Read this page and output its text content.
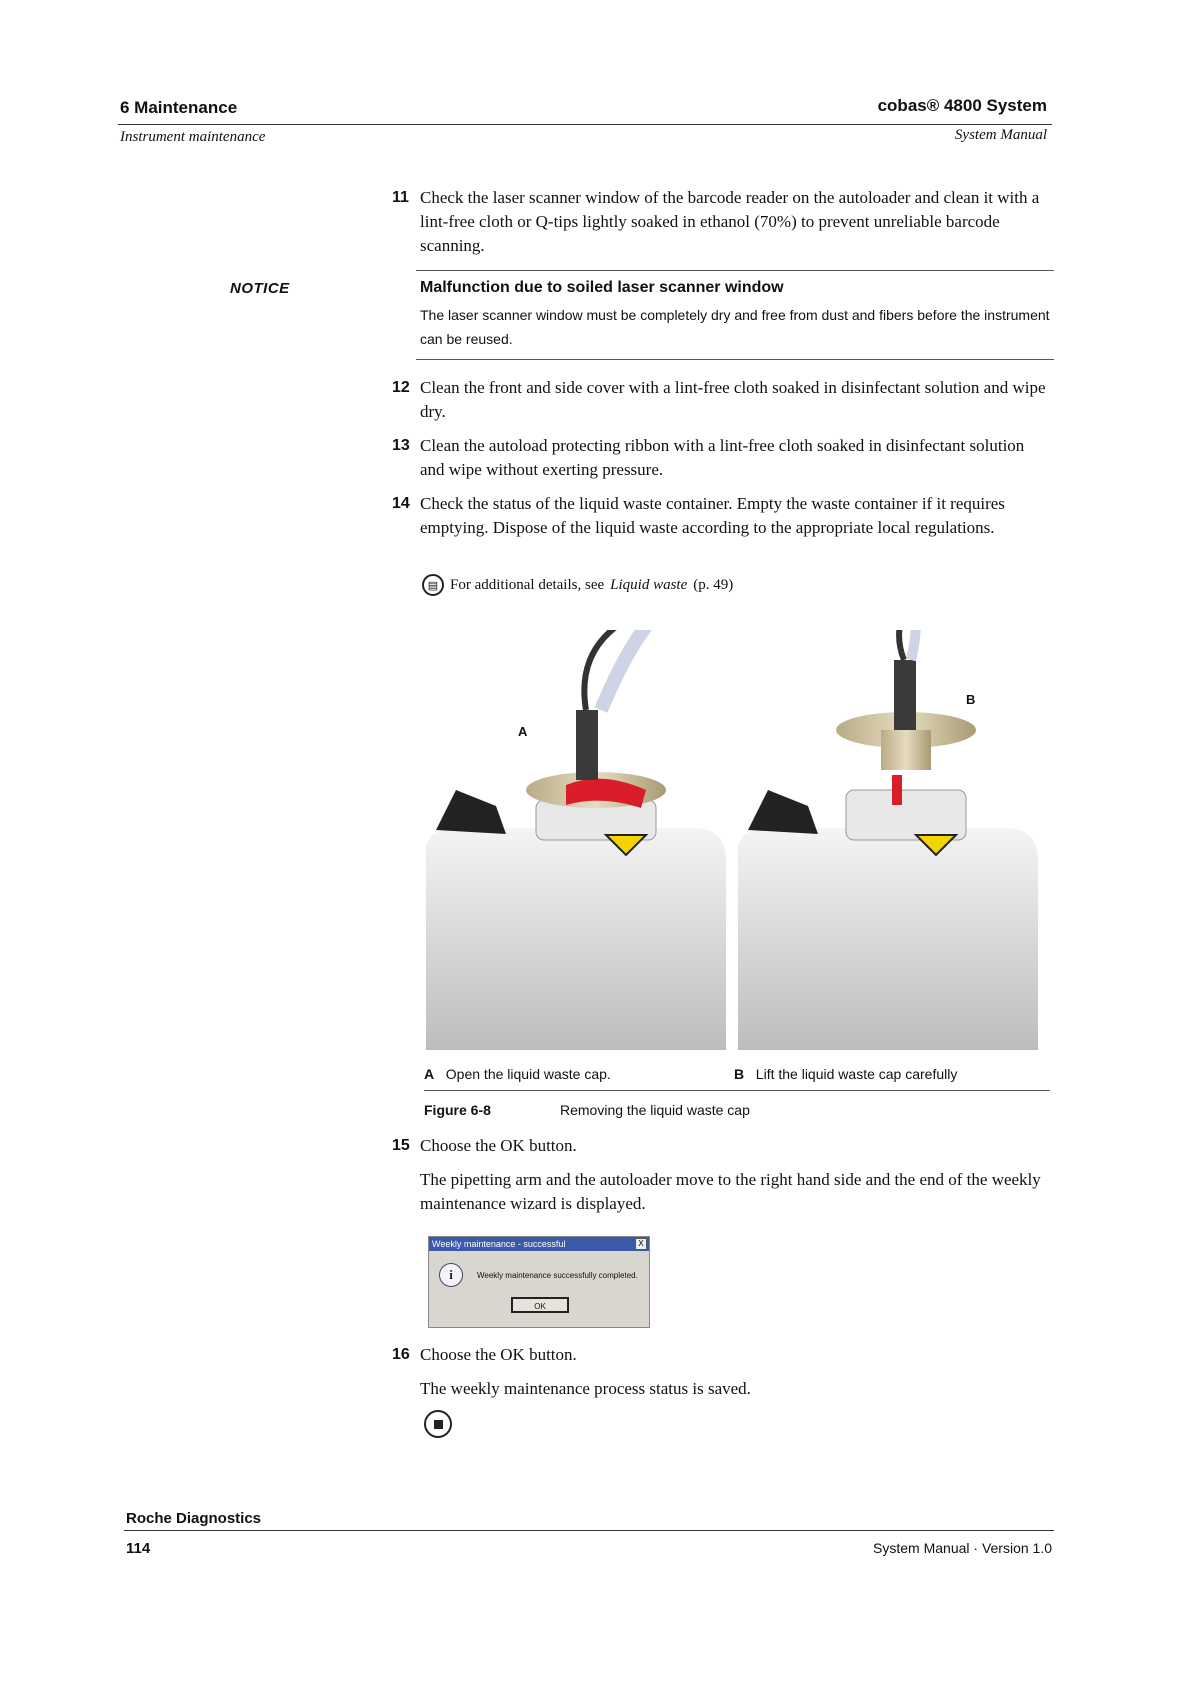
6 Maintenance	cobas® 4800 System
Instrument maintenance	System Manual
11 Check the laser scanner window of the barcode reader on the autoloader and clean it with a lint-free cloth or Q-tips lightly soaked in ethanol (70%) to prevent unreliable barcode scanning.
NOTICE	Malfunction due to soiled laser scanner window
The laser scanner window must be completely dry and free from dust and fibers before the instrument can be reused.
12 Clean the front and side cover with a lint-free cloth soaked in disinfectant solution and wipe dry.
13 Clean the autoload protecting ribbon with a lint-free cloth soaked in disinfectant solution and wipe without exerting pressure.
14 Check the status of the liquid waste container. Empty the waste container if it requires emptying. Dispose of the liquid waste according to the appropriate local regulations.
▤ For additional details, see Liquid waste (p. 49)
A
B
A Open the liquid waste cap.	B Lift the liquid waste cap carefully
Figure 6-8	Removing the liquid waste cap
15 Choose the OK button.
The pipetting arm and the autoloader move to the right hand side and the end of the weekly maintenance wizard is displayed.
Weekly maintenance - successful	X
i	Weekly maintenance successfully completed.
OK
16 Choose the OK button.
The weekly maintenance process status is saved.
Roche Diagnostics
114	System Manual · Version 1.0
